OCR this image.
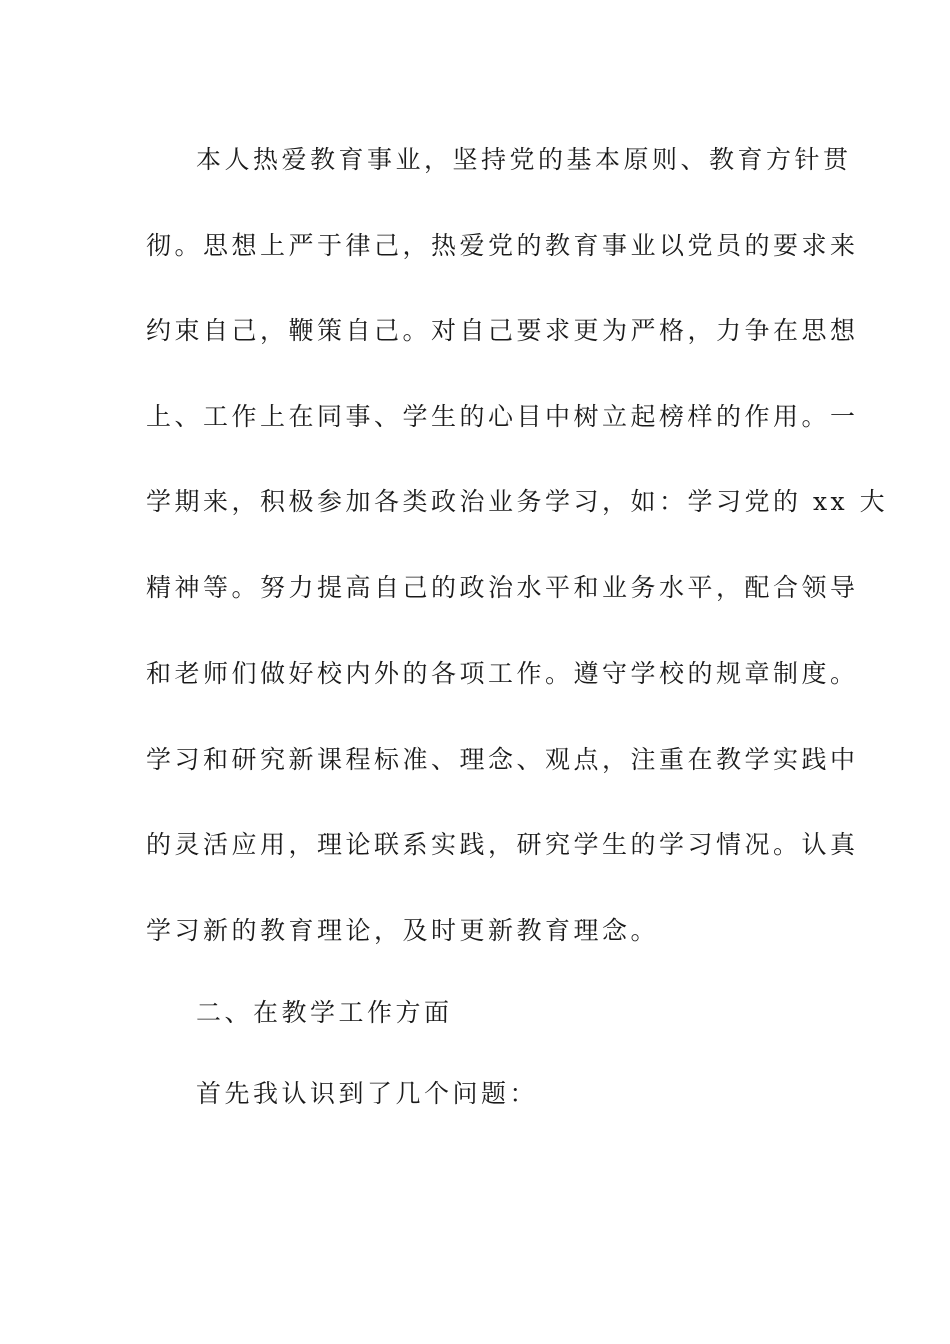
本人热爱教育事业，坚持党的基本原则、教育方针贯
彻。思想上严于律己，热爱党的教育事业以党员的要求来
约束自己，鞭策自己。对自己要求更为严格，力争在思想
上、工作上在同事、学生的心目中树立起榜样的作用。一
学期来，积极参加各类政治业务学习，如：学习党的 xx 大
精神等。努力提高自己的政治水平和业务水平，配合领导
和老师们做好校内外的各项工作。遵守学校的规章制度。
学习和研究新课程标准、理念、观点，注重在教学实践中
的灵活应用，理论联系实践，研究学生的学习情况。认真
学习新的教育理论，及时更新教育理念。
二、在教学工作方面
首先我认识到了几个问题：
